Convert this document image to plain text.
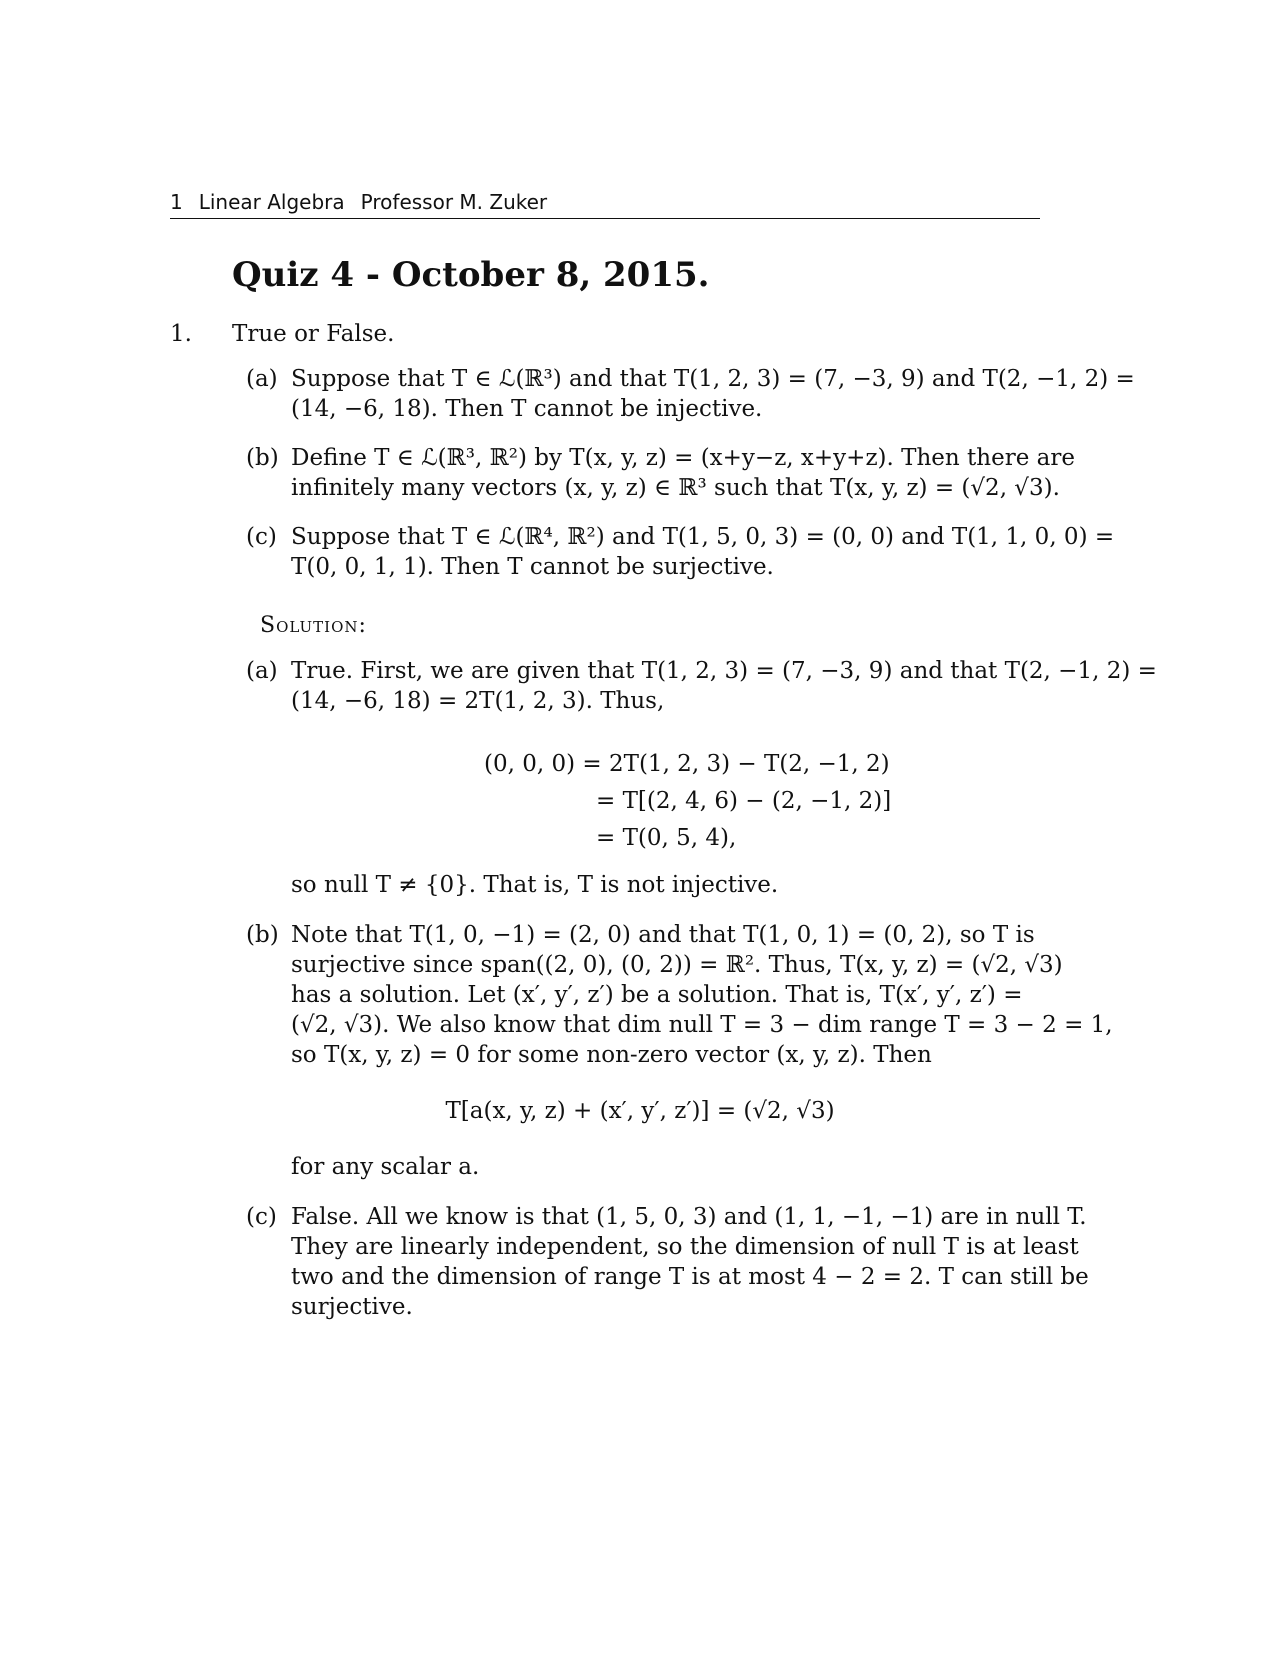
1 Linear Algebra Professor M. Zuker
Quiz 4 - October 8, 2015.
1. True or False.
(a) Suppose that T ∈ ℒ(ℝ³) and that T(1, 2, 3) = (7, −3, 9) and T(2, −1, 2) =
(14, −6, 18). Then T cannot be injective.
(b) Define T ∈ ℒ(ℝ³, ℝ²) by T(x, y, z) = (x+y−z, x+y+z). Then there are
infinitely many vectors (x, y, z) ∈ ℝ³ such that T(x, y, z) = (√2, √3).
(c) Suppose that T ∈ ℒ(ℝ⁴, ℝ²) and T(1, 5, 0, 3) = (0, 0) and T(1, 1, 0, 0) =
T(0, 0, 1, 1). Then T cannot be surjective.
Solution:
(a) True. First, we are given that T(1, 2, 3) = (7, −3, 9) and that T(2, −1, 2) =
(14, −6, 18) = 2T(1, 2, 3). Thus,
(0, 0, 0) = 2T(1, 2, 3) − T(2, −1, 2)
= T[(2, 4, 6) − (2, −1, 2)]
= T(0, 5, 4),
so null T ≠ {0}. That is, T is not injective.
(b) Note that T(1, 0, −1) = (2, 0) and that T(1, 0, 1) = (0, 2), so T is
surjective since span((2, 0), (0, 2)) = ℝ². Thus, T(x, y, z) = (√2, √3)
has a solution. Let (x′, y′, z′) be a solution. That is, T(x′, y′, z′) =
(√2, √3). We also know that dim null T = 3 − dim range T = 3 − 2 = 1,
so T(x, y, z) = 0 for some non-zero vector (x, y, z). Then
T[a(x, y, z) + (x′, y′, z′)] = (√2, √3)
for any scalar a.
(c) False. All we know is that (1, 5, 0, 3) and (1, 1, −1, −1) are in null T.
They are linearly independent, so the dimension of null T is at least
two and the dimension of range T is at most 4 − 2 = 2. T can still be
surjective.
